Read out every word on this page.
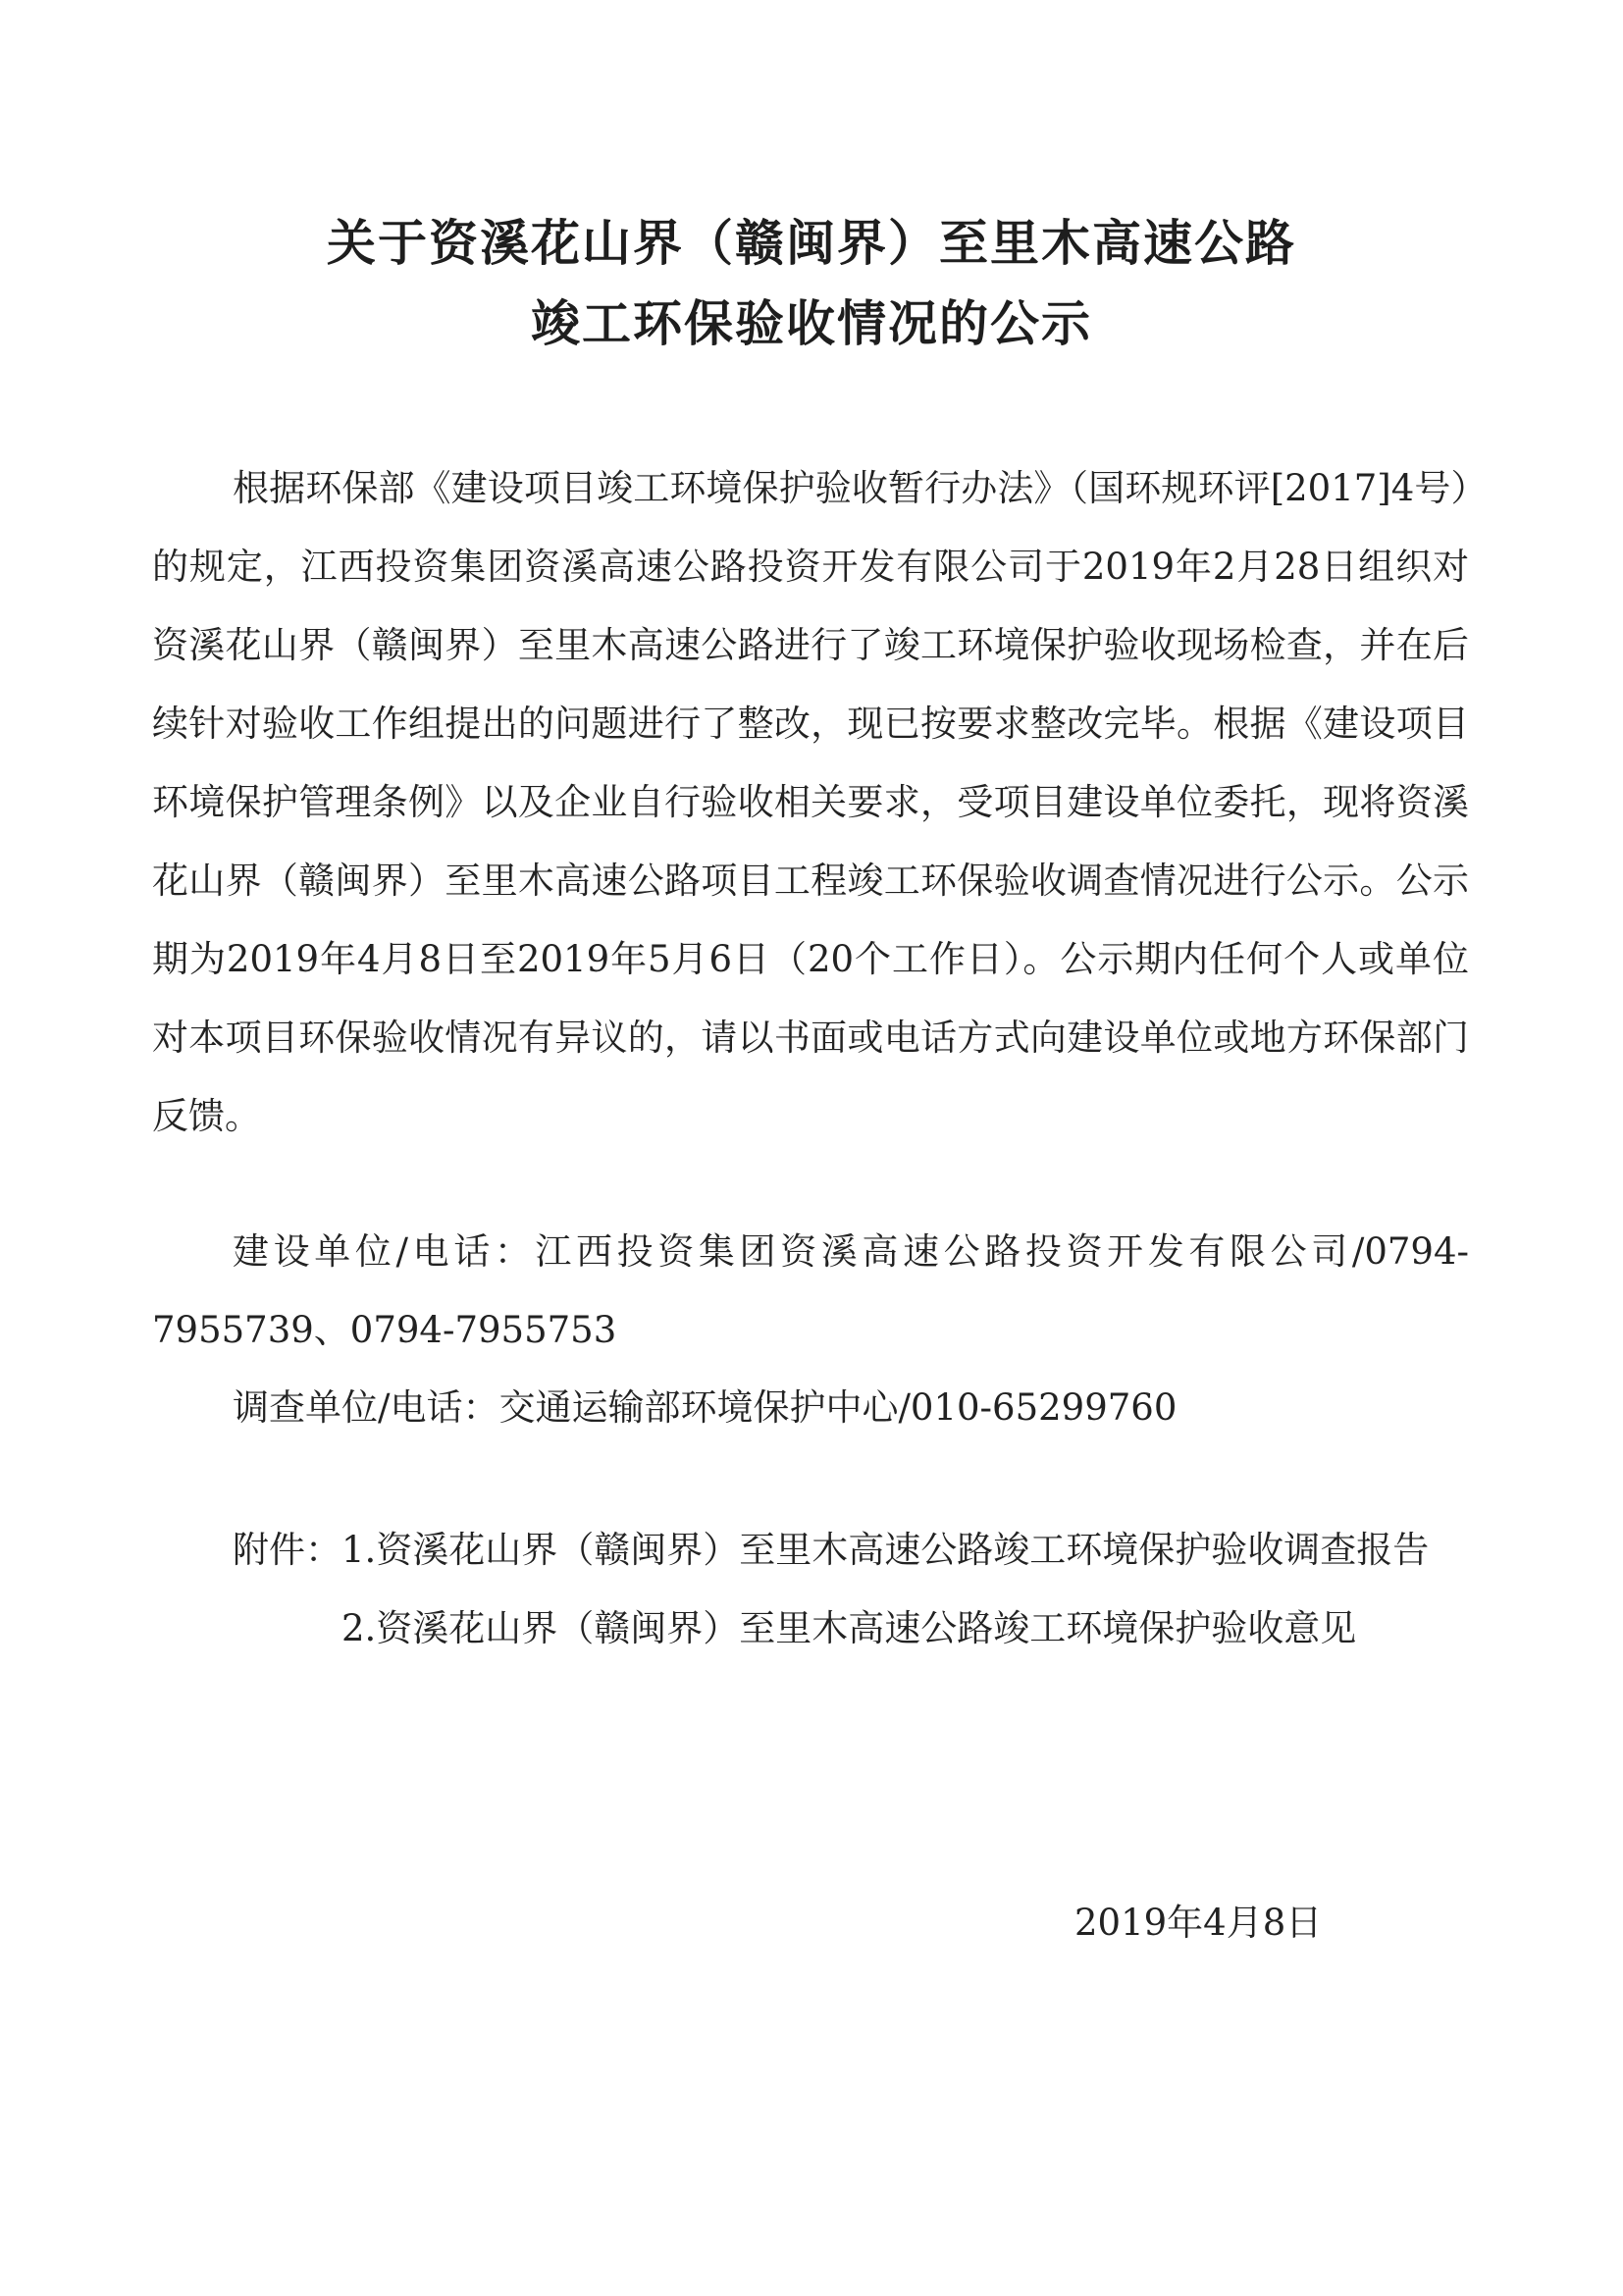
关于资溪花山界（赣闽界）至里木高速公路
竣工环保验收情况的公示

根据环保部《建设项目竣工环境保护验收暂行办法》（国环规环评[2017]4号）的规定，江西投资集团资溪高速公路投资开发有限公司于2019年2月28日组织对资溪花山界（赣闽界）至里木高速公路进行了竣工环境保护验收现场检查，并在后续针对验收工作组提出的问题进行了整改，现已按要求整改完毕。根据《建设项目环境保护管理条例》以及企业自行验收相关要求，受项目建设单位委托，现将资溪花山界（赣闽界）至里木高速公路项目工程竣工环保验收调查情况进行公示。公示期为2019年4月8日至2019年5月6日（20个工作日）。公示期内任何个人或单位对本项目环保验收情况有异议的，请以书面或电话方式向建设单位或地方环保部门反馈。

建设单位/电话：江西投资集团资溪高速公路投资开发有限公司/0794-7955739、0794-7955753

调查单位/电话：交通运输部环境保护中心/010-65299760

附件： 1.资溪花山界（赣闽界）至里木高速公路竣工环境保护验收调查报告
2.资溪花山界（赣闽界）至里木高速公路竣工环境保护验收意见
2019年4月8日
